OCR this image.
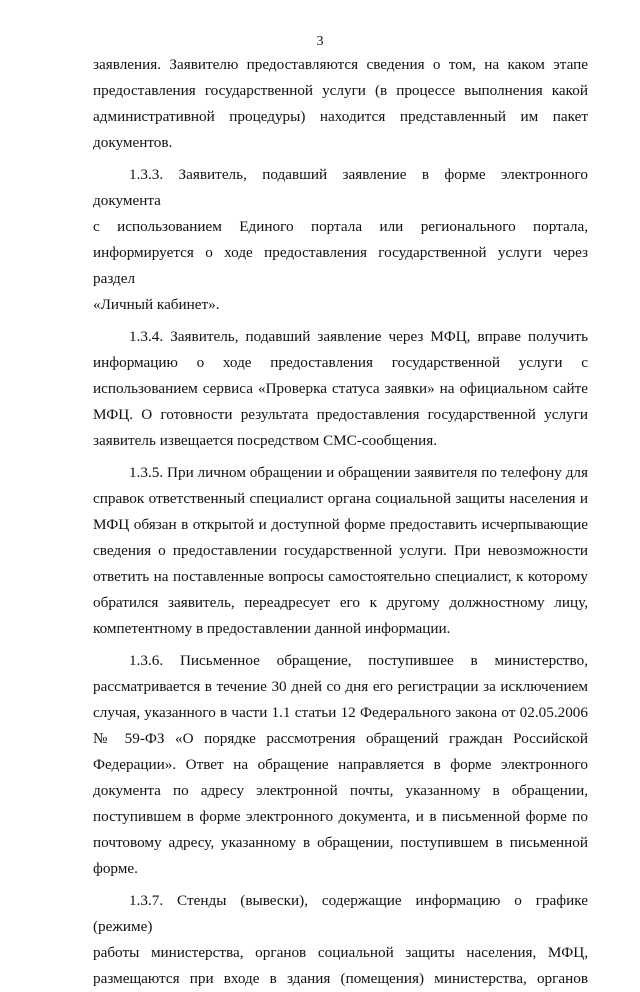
3

заявления. Заявителю предоставляются сведения о том, на каком этапе
предоставления государственной услуги (в процессе выполнения какой
административной процедуры) находится представленный им пакет документов.

1.3.3. Заявитель, подавший заявление в форме электронного документа
с использованием Единого портала или регионального портала,
информируется о ходе предоставления государственной услуги через раздел
«Личный кабинет».

1.3.4. Заявитель, подавший заявление через МФЦ, вправе получить
информацию о ходе предоставления государственной услуги с
использованием сервиса «Проверка статуса заявки» на официальном сайте
МФЦ. О готовности результата предоставления государственной услуги
заявитель извещается посредством СМС-сообщения.

1.3.5. При личном обращении и обращении заявителя по телефону для
справок ответственный специалист органа социальной защиты населения и
МФЦ обязан в открытой и доступной форме предоставить исчерпывающие
сведения о предоставлении государственной услуги. При невозможности
ответить на поставленные вопросы самостоятельно специалист, к которому
обратился заявитель, переадресует его к другому должностному лицу,
компетентному в предоставлении данной информации.

1.3.6. Письменное обращение, поступившее в министерство,
рассматривается в течение 30 дней со дня его регистрации за исключением
случая, указанного в части 1.1 статьи 12 Федерального закона от 02.05.2006
№ 59-ФЗ «О порядке рассмотрения обращений граждан Российской
Федерации». Ответ на обращение направляется в форме электронного
документа по адресу электронной почты, указанному в обращении,
поступившем в форме электронного документа, и в письменной форме по
почтовому адресу, указанному в обращении, поступившем в письменной
форме.

1.3.7. Стенды (вывески), содержащие информацию о графике (режиме)
работы министерства, органов социальной защиты населения, МФЦ,
размещаются при входе в здания (помещения) министерства, органов
